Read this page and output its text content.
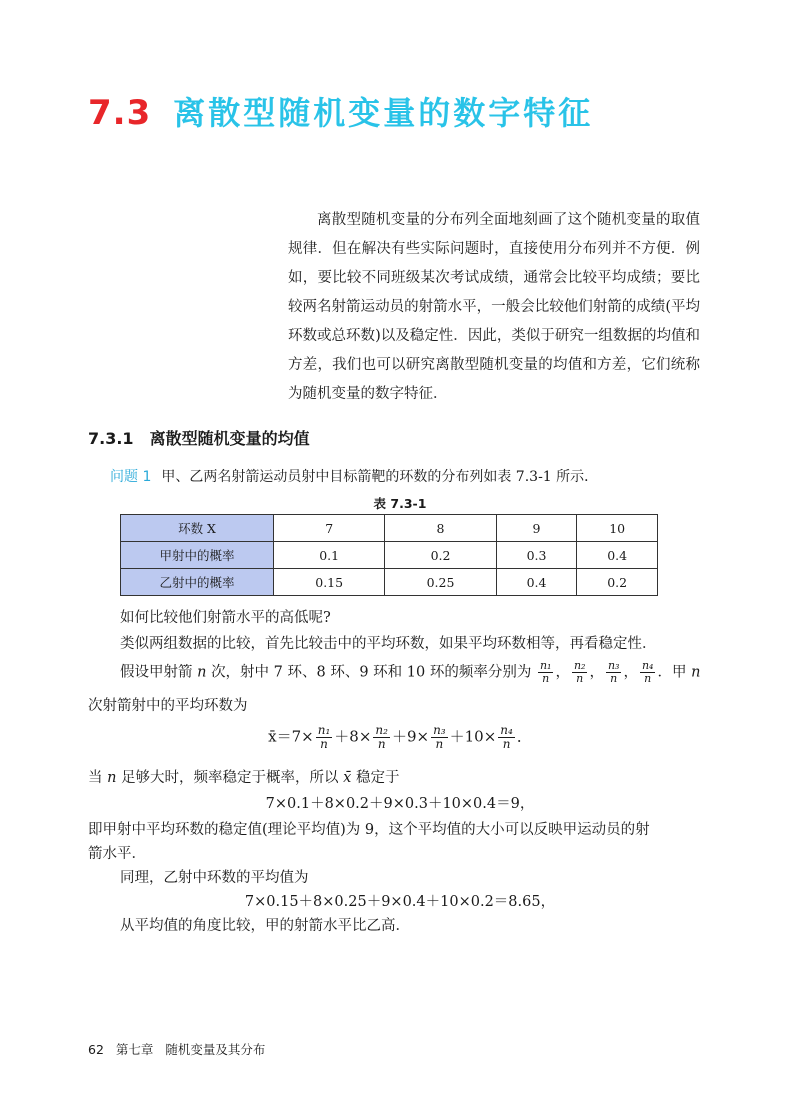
7.3 离散型随机变量的数字特征

离散型随机变量的分布列全面地刻画了这个随机变量的取值规律．但在解决有些实际问题时，直接使用分布列并不方便．例如，要比较不同班级某次考试成绩，通常会比较平均成绩；要比较两名射箭运动员的射箭水平，一般会比较他们射箭的成绩(平均环数或总环数)以及稳定性．因此，类似于研究一组数据的均值和方差，我们也可以研究离散型随机变量的均值和方差，它们统称为随机变量的数字特征．

7.3.1 离散型随机变量的均值
问题 1 甲、乙两名射箭运动员射中目标箭靶的环数的分布列如表 7.3-1 所示．
表 7.3-1
环数 X	7	8	9	10
甲射中的概率	0.1	0.2	0.3	0.4
乙射中的概率	0.15	0.25	0.4	0.2
如何比较他们射箭水平的高低呢?
类似两组数据的比较，首先比较击中的平均环数，如果平均环数相等，再看稳定性．
假设甲射箭 n 次，射中 7 环、8 环、9 环和 10 环的频率分别为 $\frac{\text{n₁}}{n}$ ， $\frac{\text{n₂}}{n}$ ， $\frac{\text{n₃}}{n}$ ， $\frac{\text{n₄}}{n}$ ．甲 n
次射箭射中的平均环数为
x̄＝7× $\frac{\text{n₁}}{n} +8\times \frac{\text{n₂}}{n} +9\times \frac{\text{n₃}}{n} +10\times \frac{\text{n₄}}{n}$ ．
当 n 足够大时，频率稳定于概率，所以 x̄ 稳定于
7×0.1＋8×0.2＋9×0.3＋10×0.4＝9，
即甲射中平均环数的稳定值(理论平均值)为 9，这个平均值的大小可以反映甲运动员的射
箭水平．
同理，乙射中环数的平均值为
7×0.15＋8×0.25＋9×0.4＋10×0.2＝8.65，
从平均值的角度比较，甲的射箭水平比乙高．
62 第七章 随机变量及其分布
